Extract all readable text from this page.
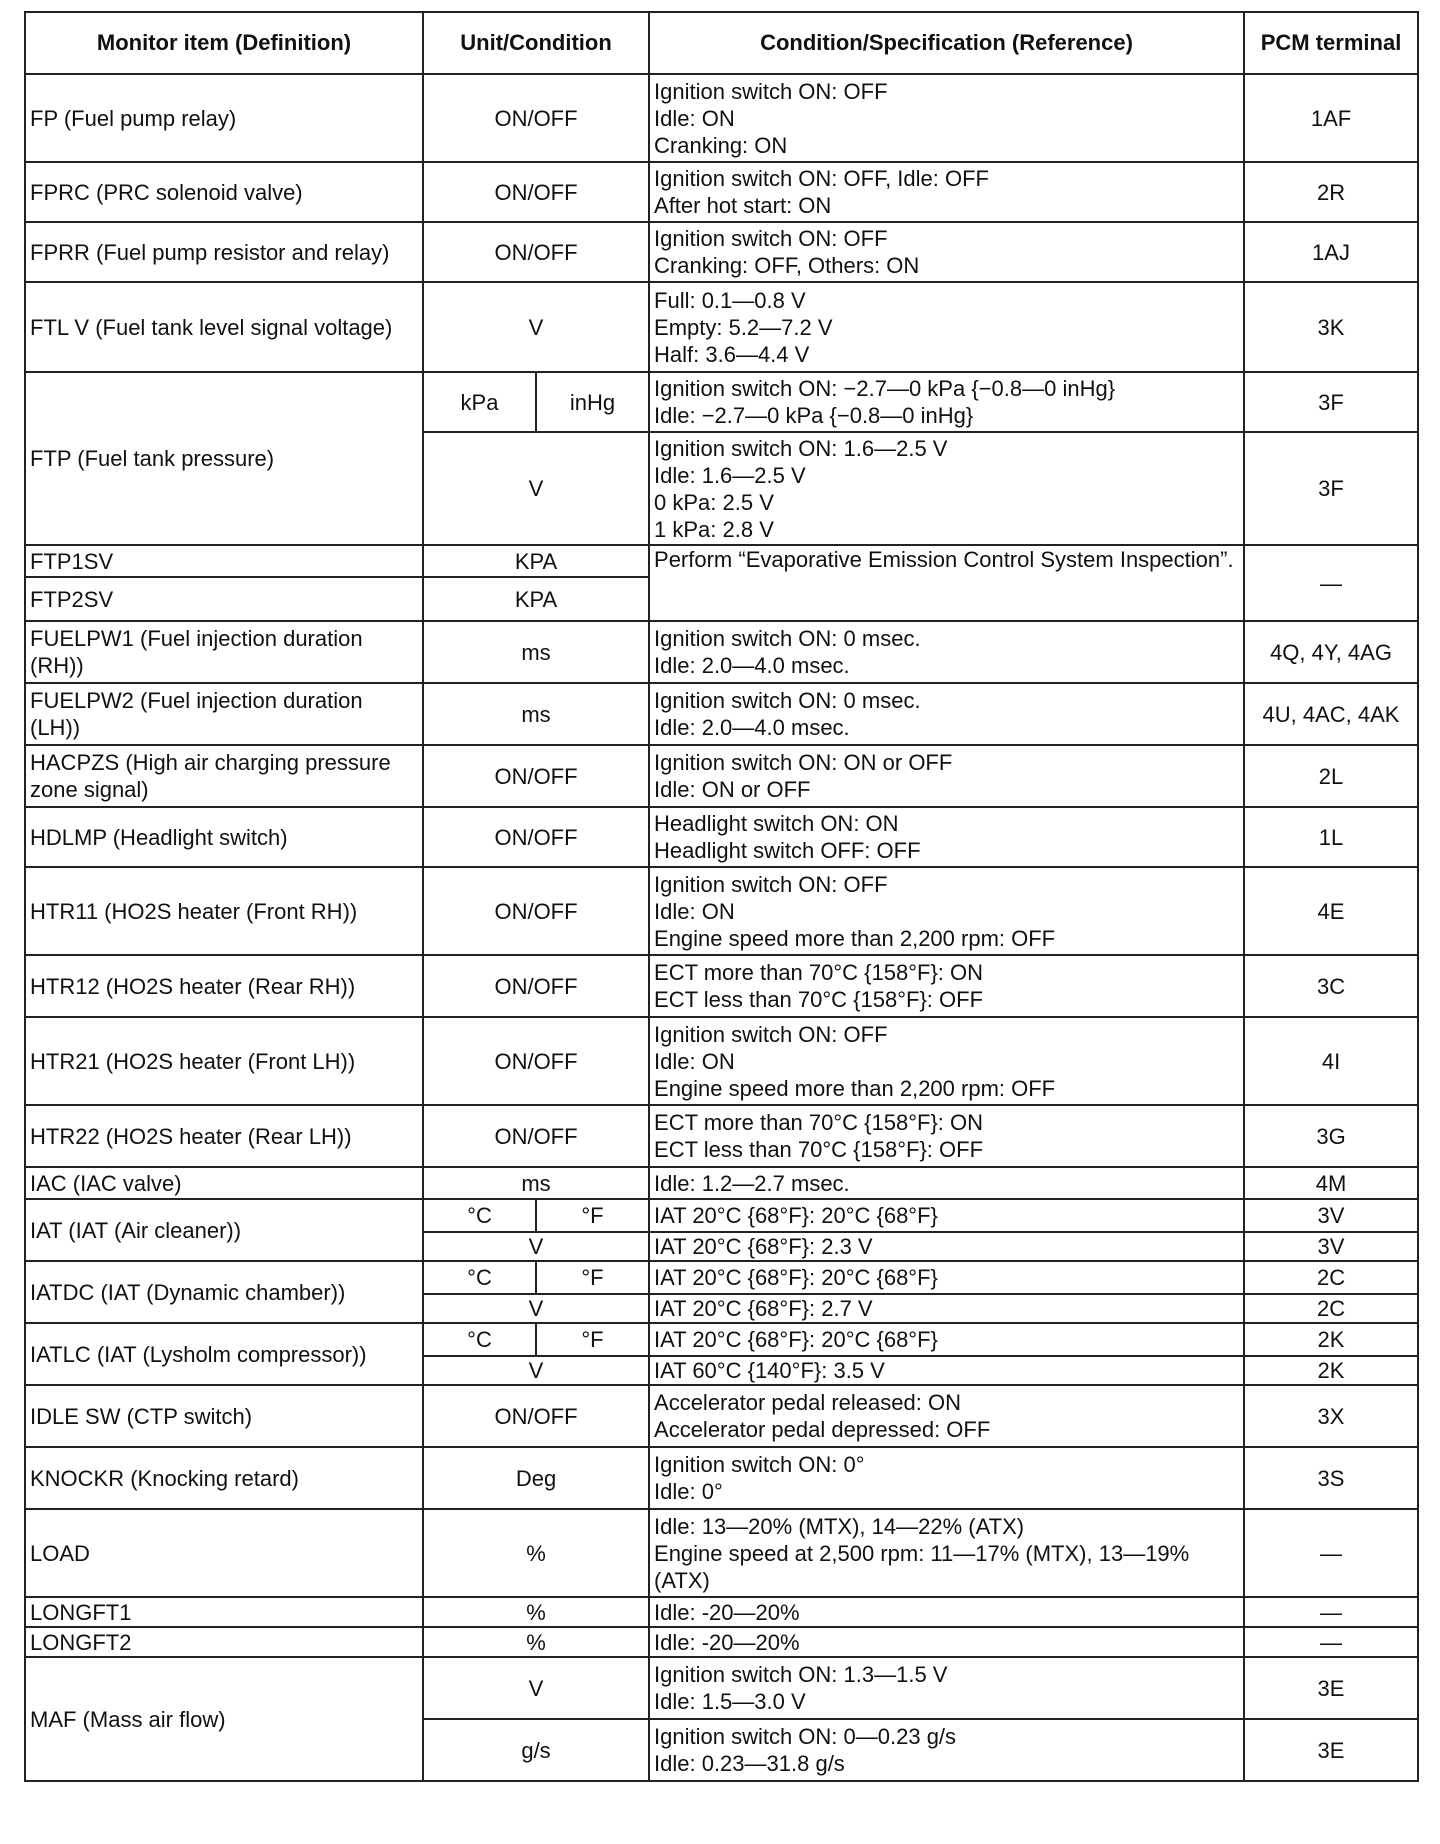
Monitor item (Definition)	Unit/Condition		Condition/Specification (Reference)	PCM terminal
FP (Fuel pump relay)	ON/OFF		Ignition switch ON: OFF
Idle: ON
Cranking: ON	1AF
FPRC (PRC solenoid valve)	ON/OFF		Ignition switch ON: OFF, Idle: OFF
After hot start: ON	2R
FPRR (Fuel pump resistor and relay)	ON/OFF		Ignition switch ON: OFF
Cranking: OFF, Others: ON	1AJ
FTL V (Fuel tank level signal voltage)	V		Full: 0.1—0.8 V
Empty: 5.2—7.2 V
Half: 3.6—4.4 V	3K
FTP (Fuel tank pressure)	kPa	inHg	Ignition switch ON: −2.7—0 kPa {−0.8—0 inHg}
Idle: −2.7—0 kPa {−0.8—0 inHg}	3F
	V		Ignition switch ON: 1.6—2.5 V
Idle: 1.6—2.5 V
0 kPa: 2.5 V
1 kPa: 2.8 V	3F
FTP1SV	KPA		Perform “Evaporative Emission Control System Inspection”.	—
FTP2SV	KPA			
FUELPW1 (Fuel injection duration (RH))	ms		Ignition switch ON: 0 msec.
Idle: 2.0—4.0 msec.	4Q, 4Y, 4AG
FUELPW2 (Fuel injection duration (LH))	ms		Ignition switch ON: 0 msec.
Idle: 2.0—4.0 msec.	4U, 4AC, 4AK
HACPZS (High air charging pressure zone signal)	ON/OFF		Ignition switch ON: ON or OFF
Idle: ON or OFF	2L
HDLMP (Headlight switch)	ON/OFF		Headlight switch ON: ON
Headlight switch OFF: OFF	1L
HTR11 (HO2S heater (Front RH))	ON/OFF		Ignition switch ON: OFF
Idle: ON
Engine speed more than 2,200 rpm: OFF	4E
HTR12 (HO2S heater (Rear RH))	ON/OFF		ECT more than 70°C {158°F}: ON
ECT less than 70°C {158°F}: OFF	3C
HTR21 (HO2S heater (Front LH))	ON/OFF		Ignition switch ON: OFF
Idle: ON
Engine speed more than 2,200 rpm: OFF	4I
HTR22 (HO2S heater (Rear LH))	ON/OFF		ECT more than 70°C {158°F}: ON
ECT less than 70°C {158°F}: OFF	3G
IAC (IAC valve)	ms		Idle: 1.2—2.7 msec.	4M
IAT (IAT (Air cleaner))	°C	°F	IAT 20°C {68°F}: 20°C {68°F}	3V
	V		IAT 20°C {68°F}: 2.3 V	3V
IATDC (IAT (Dynamic chamber))	°C	°F	IAT 20°C {68°F}: 20°C {68°F}	2C
	V		IAT 20°C {68°F}: 2.7 V	2C
IATLC (IAT (Lysholm compressor))	°C	°F	IAT 20°C {68°F}: 20°C {68°F}	2K
	V		IAT 60°C {140°F}: 3.5 V	2K
IDLE SW (CTP switch)	ON/OFF		Accelerator pedal released: ON
Accelerator pedal depressed: OFF	3X
KNOCKR (Knocking retard)	Deg		Ignition switch ON: 0°
Idle: 0°	3S
LOAD	%		Idle: 13—20% (MTX), 14—22% (ATX)
Engine speed at 2,500 rpm: 11—17% (MTX), 13—19% (ATX)	—
LONGFT1	%		Idle: -20—20%	—
LONGFT2	%		Idle: -20—20%	—
MAF (Mass air flow)	V		Ignition switch ON: 1.3—1.5 V
Idle: 1.5—3.0 V	3E
	g/s		Ignition switch ON: 0—0.23 g/s
Idle: 0.23—31.8 g/s	3E
